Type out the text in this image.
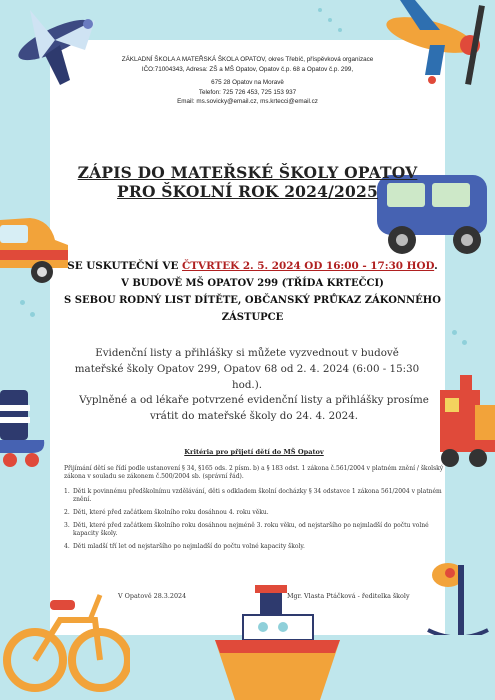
ZÁKLADNÍ ŠKOLA A MATEŘSKÁ ŠKOLA OPATOV, okres Třebíč, příspěvková organizace
IČO:71004343, Adresa: ZŠ a MŠ Opatov, Opatov č.p. 68 a Opatov č.p. 299,
675 28 Opatov na Moravě
Telefon: 725 726 453, 725 153 937
Email: ms.sovicky@email.cz, ms.krtecci@email.cz
ZÁPIS DO MATEŘSKÉ ŠKOLY OPATOV
PRO ŠKOLNÍ ROK 2024/2025
SE USKUTEČNÍ VE ČTVRTEK 2. 5. 2024 OD 16:00 - 17:30 HOD.
V BUDOVĚ MŠ OPATOV 299 (TŘÍDA KRTEČCI)
S SEBOU RODNÝ LIST DÍTĚTE, OBČANSKÝ PRŮKAZ ZÁKONNÉHO
ZÁSTUPCE
Evidenční listy a přihlášky si můžete vyzvednout v budově mateřské školy Opatov 299, Opatov 68 od 2. 4. 2024 (6:00 - 15:30 hod.).
Vyplněné a od lékaře potvrzené evidenční listy a přihlášky prosíme vrátit do mateřské školy do 24. 4. 2024.
Kritéria pro přijetí dětí do MŠ Opatov
Přijímání dětí se řídí podle ustanovení § 34, §165 ods. 2 písm. b) a § 183 odst. 1 zákona č.561/2004 v platném znění / školský zákona v souladu se zákonem č.500/2004 sb. (správní řád).
1. Děti k povinnému předškolnímu vzdělávání, děti s odkladem školní docházky § 34 odstavce 1 zákona 561/2004 v platném znění.
2. Děti, které před začátkem školního roku dosáhnou 4. roku věku.
3. Děti, které před začátkem školního roku dosáhnou nejméně 3. roku věku, od nejstaršího po nejmladší do počtu volné kapacity školy.
4. Děti mladší tří let od nejstaršího po nejmladší do počtu volné kapacity školy.
V Opatově 28.3.2024	Mgr. Vlasta Ptáčková - ředitelka školy
